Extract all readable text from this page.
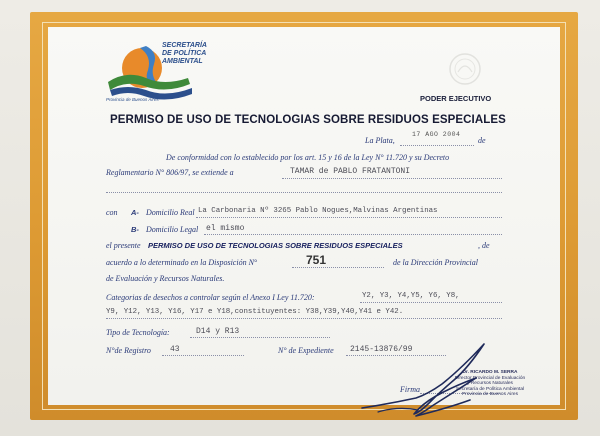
SECRETARÍA
DE POLÍTICA
AMBIENTAL
Provincia de Buenos Aires	PODER EJECUTIVO
PERMISO DE USO DE TECNOLOGIAS SOBRE RESIDUOS ESPECIALES
La Plata,
17 AGO 2004
de
De conformidad con lo establecido por los art. 15 y 16 de la Ley N° 11.720 y su Decreto
Reglamentario N° 806/97, se extiende a	TAMAR de PABLO FRATANTONI
con A- Domicilio Real La Carbonaria Nº 3265 Pablo Nogues,Malvinas Argentinas
B- Domicilio Legal el mismo
el presente PERMISO DE USO DE TECNOLOGIAS SOBRE RESIDUOS ESPECIALES	, de
acuerdo a lo determinado en la Disposición N°	751	de la Dirección Provincial
de Evaluación y Recursos Naturales.
Categorias de desechos a controlar según el Anexo I Ley 11.720:	Y2, Y3, Y4,Y5, Y6, Y8,
Y9, Y12, Y13, Y16, Y17 e Y18,constituyentes: Y38,Y39,Y40,Y41 e Y42.
Tipo de Tecnología:	D14 y R13
N°de Registro 43	N° de Expediente 2145-13876/99
Firma
Dr. RICARDO M. SERRA
Director Provincial de Evaluación
y Recursos Naturales
Secretaría de Política Ambiental
Provincia de Buenos Aires
